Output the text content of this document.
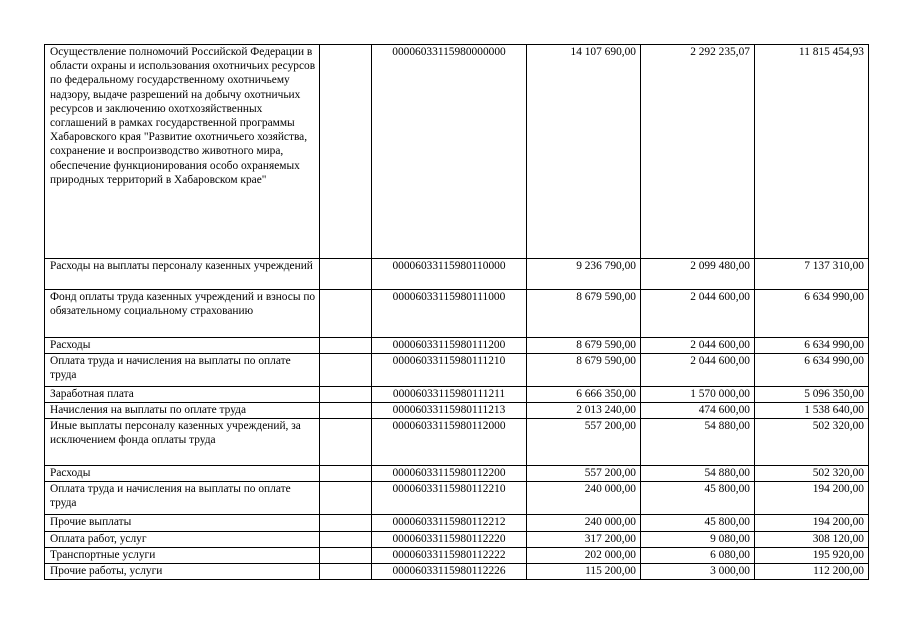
Осуществление полномочий Российской Федерации в области охраны и использования охотничьих ресурсов по федеральному государственному охотничьему надзору, выдаче разрешений на добычу охотничьих ресурсов и заключению охотхозяйственных соглашений в рамках государственной программы Хабаровского края "Развитие охотничьего хозяйства, сохранение и воспроизводство животного мира, обеспечение функционирования особо охраняемых природных территорий в Хабаровском крае"		00006033115980000000	14 107 690,00	2 292 235,07	11 815 454,93
Расходы на выплаты персоналу казенных учреждений		00006033115980110000	9 236 790,00	2 099 480,00	7 137 310,00
Фонд оплаты труда казенных учреждений и взносы по обязательному социальному страхованию		00006033115980111000	8 679 590,00	2 044 600,00	6 634 990,00
Расходы		00006033115980111200	8 679 590,00	2 044 600,00	6 634 990,00
Оплата труда и начисления на выплаты по оплате труда		00006033115980111210	8 679 590,00	2 044 600,00	6 634 990,00
Заработная плата		00006033115980111211	6 666 350,00	1 570 000,00	5 096 350,00
Начисления на выплаты по оплате труда		00006033115980111213	2 013 240,00	474 600,00	1 538 640,00
Иные выплаты персоналу казенных учреждений, за исключением фонда оплаты труда		00006033115980112000	557 200,00	54 880,00	502 320,00
Расходы		00006033115980112200	557 200,00	54 880,00	502 320,00
Оплата труда и начисления на выплаты по оплате труда		00006033115980112210	240 000,00	45 800,00	194 200,00
Прочие выплаты		00006033115980112212	240 000,00	45 800,00	194 200,00
Оплата работ, услуг		00006033115980112220	317 200,00	9 080,00	308 120,00
Транспортные услуги		00006033115980112222	202 000,00	6 080,00	195 920,00
Прочие работы, услуги		00006033115980112226	115 200,00	3 000,00	112 200,00
